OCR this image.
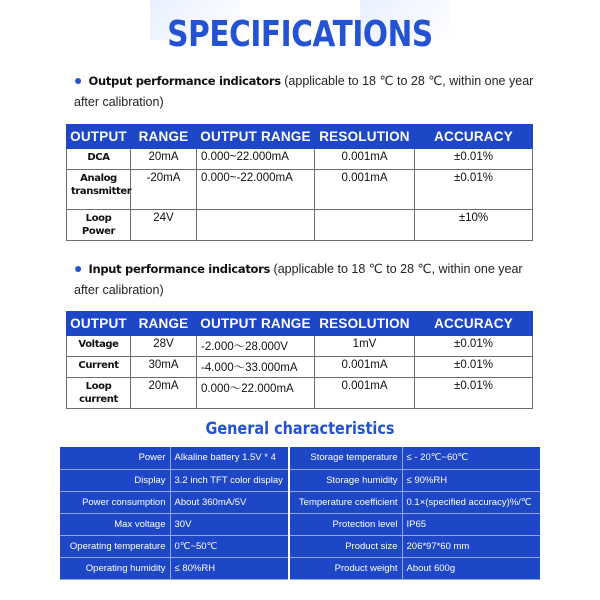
SPECIFICATIONS
● Output performance indicators (applicable to 18 ℃ to 28 ℃, within one year after calibration)
OUTPUT	RANGE	OUTPUT RANGE	RESOLUTION	ACCURACY
DCA	20mA	0.000~22.000mA	0.001mA	±0.01%
Analog transmitter	-20mA	0.000~-22.000mA	0.001mA	±0.01%
Loop Power	24V			±10%
● Input performance indicators (applicable to 18 ℃ to 28 ℃, within one year after calibration)
OUTPUT	RANGE	OUTPUT RANGE	RESOLUTION	ACCURACY
Voltage	28V	-2.000～28.000V	1mV	±0.01%
Current	30mA	-4.000～33.000mA	0.001mA	±0.01%
Loop current	20mA	0.000～22.000mA	0.001mA	±0.01%
General characteristics
Power	Alkaline battery 1.5V * 4
Display	3.2 inch TFT color display
Power consumption	About 360mA/5V
Max voltage	30V
Operating temperature	0℃~50℃
Operating humidity	≤ 80%RH
Storage temperature	≤ - 20℃~60℃
Storage humidity	≤ 90%RH
Temperature coefficient	0.1×(specified accuracy)%/℃
Protection level	IP65
Product size	206*97*60 mm
Product weight	About 600g
